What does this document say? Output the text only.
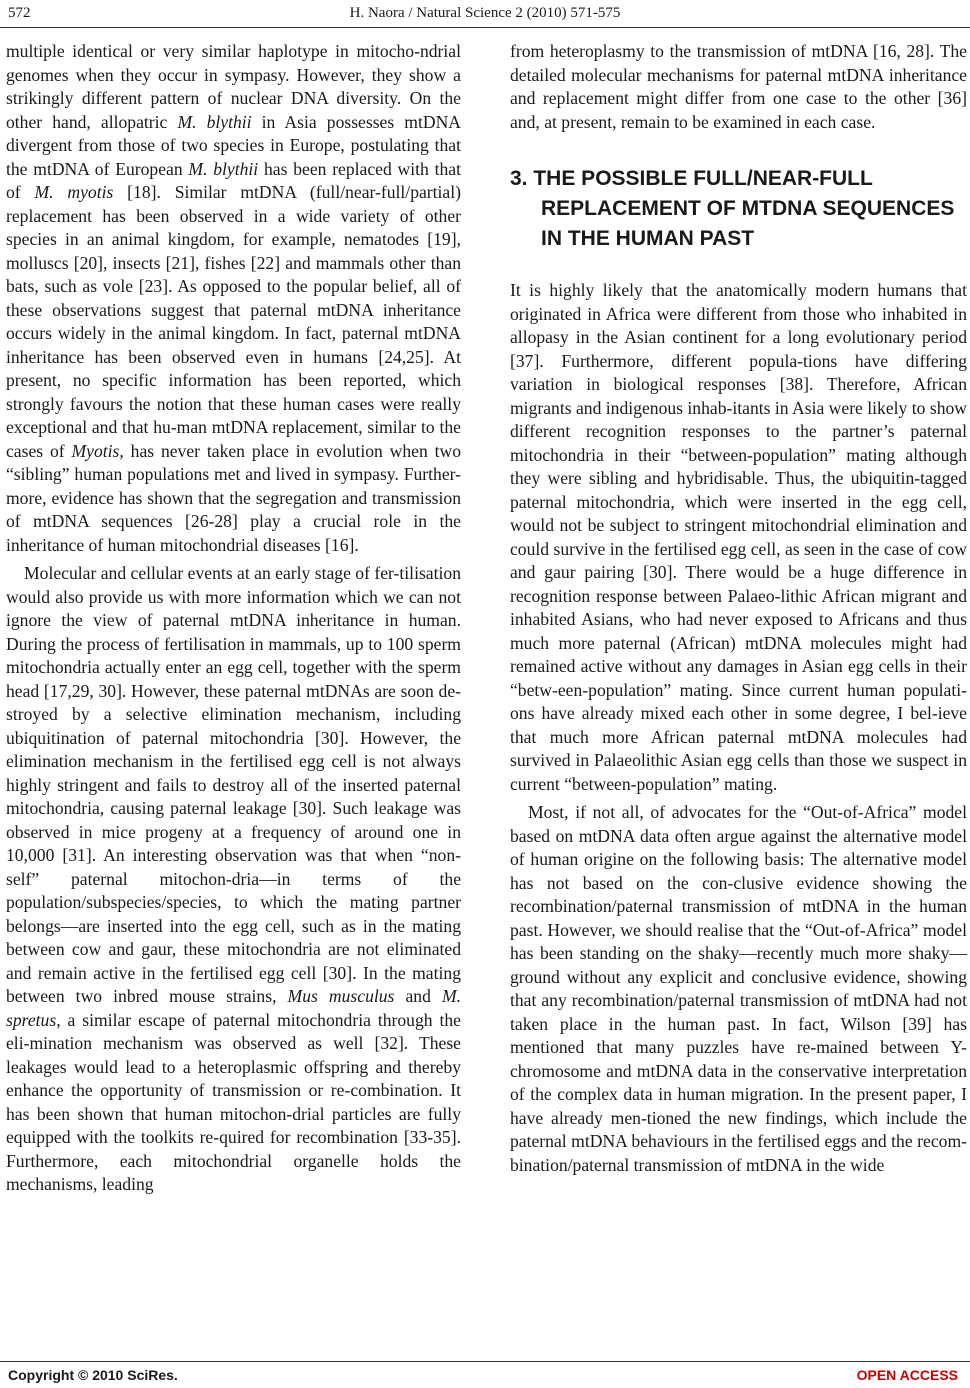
572	H. Naora / Natural Science 2 (2010) 571-575

multiple identical or very similar haplotype in mitocho-ndrial genomes when they occur in sympasy. However, they show a strikingly different pattern of nuclear DNA diversity. On the other hand, allopatric M. blythii in Asia possesses mtDNA divergent from those of two species in Europe, postulating that the mtDNA of European M. blythii has been replaced with that of M. myotis [18]. Similar mtDNA (full/near-full/partial) replacement has been observed in a wide variety of other species in an animal kingdom, for example, nematodes [19], molluscs [20], insects [21], fishes [22] and mammals other than bats, such as vole [23]. As opposed to the popular belief, all of these observations suggest that paternal mtDNA inheritance occurs widely in the animal kingdom. In fact, paternal mtDNA inheritance has been observed even in humans [24,25]. At present, no specific information has been reported, which strongly favours the notion that these human cases were really exceptional and that hu-man mtDNA replacement, similar to the cases of Myotis, has never taken place in evolution when two “sibling” human populations met and lived in sympasy. Further-more, evidence has shown that the segregation and transmission of mtDNA sequences [26-28] play a crucial role in the inheritance of human mitochondrial diseases [16].

Molecular and cellular events at an early stage of fer-tilisation would also provide us with more information which we can not ignore the view of paternal mtDNA inheritance in human. During the process of fertilisation in mammals, up to 100 sperm mitochondria actually enter an egg cell, together with the sperm head [17,29, 30]. However, these paternal mtDNAs are soon de-stroyed by a selective elimination mechanism, including ubiquitination of paternal mitochondria [30]. However, the elimination mechanism in the fertilised egg cell is not always highly stringent and fails to destroy all of the inserted paternal mitochondria, causing paternal leakage [30]. Such leakage was observed in mice progeny at a frequency of around one in 10,000 [31]. An interesting observation was that when “non-self” paternal mitochon-dria—in terms of the population/subspecies/species, to which the mating partner belongs—are inserted into the egg cell, such as in the mating between cow and gaur, these mitochondria are not eliminated and remain active in the fertilised egg cell [30]. In the mating between two inbred mouse strains, Mus musculus and M. spretus, a similar escape of paternal mitochondria through the eli-mination mechanism was observed as well [32]. These leakages would lead to a heteroplasmic offspring and thereby enhance the opportunity of transmission or re-combination. It has been shown that human mitochon-drial particles are fully equipped with the toolkits re-quired for recombination [33-35]. Furthermore, each mitochondrial organelle holds the mechanisms, leading

from heteroplasmy to the transmission of mtDNA [16, 28]. The detailed molecular mechanisms for paternal mtDNA inheritance and replacement might differ from one case to the other [36] and, at present, remain to be examined in each case.

3. THE POSSIBLE FULL/NEAR-FULL REPLACEMENT OF MTDNA SEQUENCES IN THE HUMAN PAST

It is highly likely that the anatomically modern humans that originated in Africa were different from those who inhabited in allopasy in the Asian continent for a long evolutionary period [37]. Furthermore, different popula-tions have differing variation in biological responses [38]. Therefore, African migrants and indigenous inhab-itants in Asia were likely to show different recognition responses to the partner’s paternal mitochondria in their “between-population” mating although they were sibling and hybridisable. Thus, the ubiquitin-tagged paternal mitochondria, which were inserted in the egg cell, would not be subject to stringent mitochondrial elimination and could survive in the fertilised egg cell, as seen in the case of cow and gaur pairing [30]. There would be a huge difference in recognition response between Palaeo-lithic African migrant and inhabited Asians, who had never exposed to Africans and thus much more paternal (African) mtDNA molecules might had remained active without any damages in Asian egg cells in their “betw-een-population” mating. Since current human populati-ons have already mixed each other in some degree, I bel-ieve that much more African paternal mtDNA molecules had survived in Palaeolithic Asian egg cells than those we suspect in current “between-population” mating.

Most, if not all, of advocates for the “Out-of-Africa” model based on mtDNA data often argue against the alternative model of human origine on the following basis: The alternative model has not based on the con-clusive evidence showing the recombination/paternal transmission of mtDNA in the human past. However, we should realise that the “Out-of-Africa” model has been standing on the shaky—recently much more shaky—ground without any explicit and conclusive evidence, showing that any recombination/paternal transmission of mtDNA had not taken place in the human past. In fact, Wilson [39] has mentioned that many puzzles have re-mained between Y-chromosome and mtDNA data in the conservative interpretation of the complex data in human migration. In the present paper, I have already men-tioned the new findings, which include the paternal mtDNA behaviours in the fertilised eggs and the recom-bination/paternal transmission of mtDNA in the wide

Copyright © 2010 SciRes.	OPEN ACCESS
